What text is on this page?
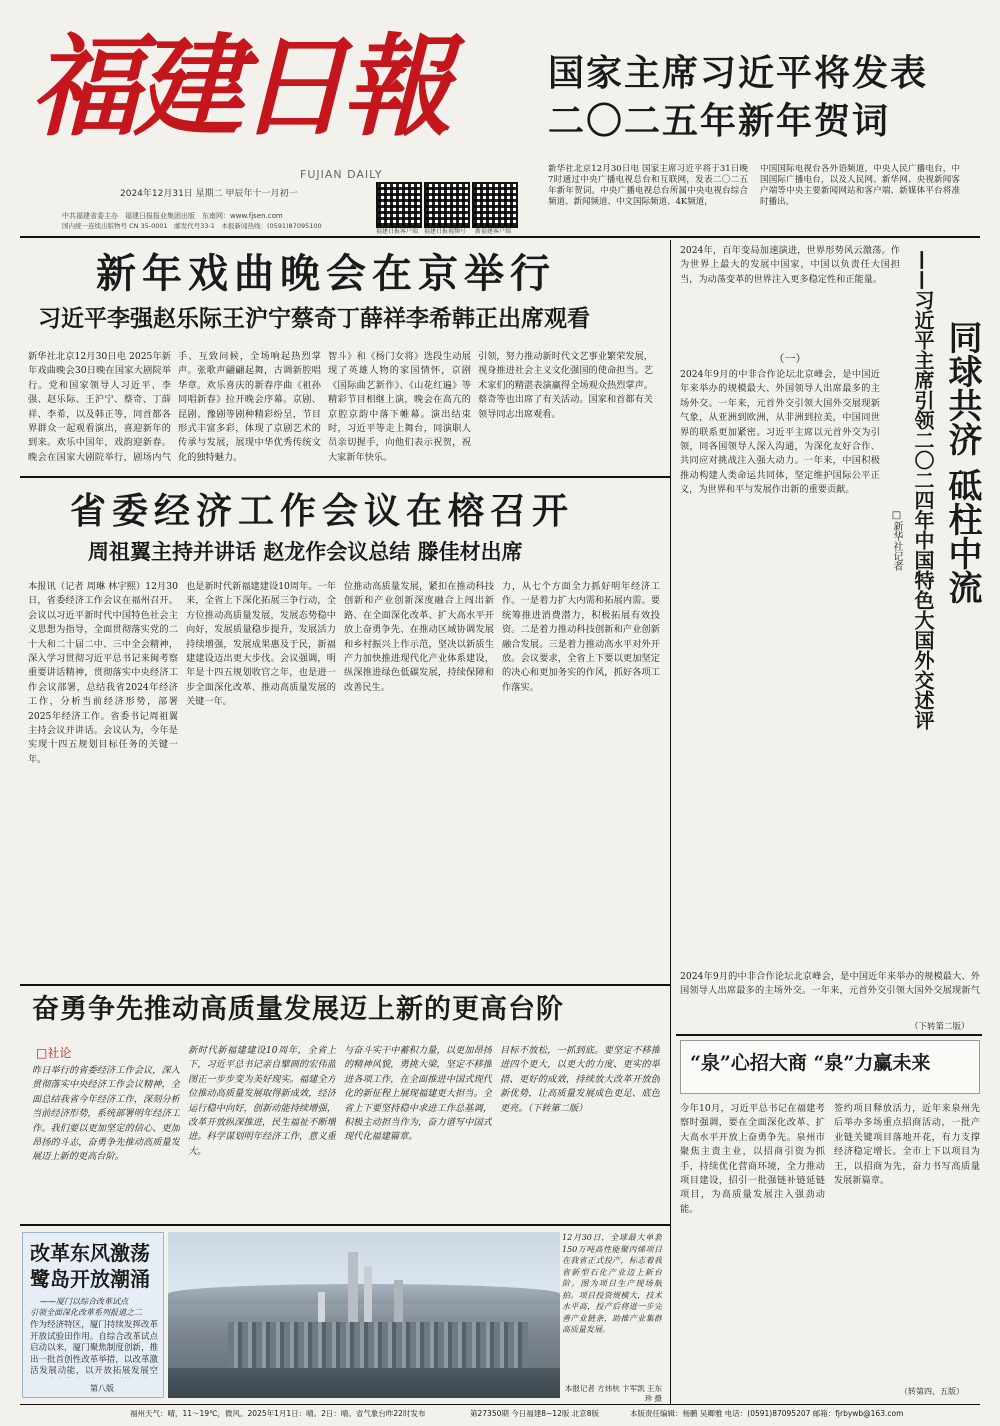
福建日報
FUJIAN DAILY
2024年12月31日 星期二 甲辰年十一月初一
中共福建省委主办　福建日报报业集团出版　东南网：www.fjsen.com
国内统一连续出版物号 CN 35-0001　邮发代号33-1　本报新闻热线：(0591)87095100
福建日报客户端 福建日报视频号	新福建客户端
国家主席习近平将发表
二〇二五年新年贺词
新华社北京12月30日电 国家主席习近平将于31日晚7时通过中央广播电视总台和互联网，发表二〇二五年新年贺词。中央广播电视总台所属中央电视台综合频道、新闻频道、中文国际频道、4K频道，
中国国际电视台各外语频道，中央人民广播电台，中国国际广播电台，以及人民网、新华网、央视新闻客户端等中央主要新闻网站和客户端、新媒体平台将准时播出。
新年戏曲晚会在京举行
习近平李强赵乐际王沪宁蔡奇丁薛祥李希韩正出席观看
新华社北京12月30日电 2025年新年戏曲晚会30日晚在国家大剧院举行。党和国家领导人习近平、李强、赵乐际、王沪宁、蔡奇、丁薛祥、李希，以及韩正等，同首都各界群众一起观看演出，喜迎新年的到来。欢乐中国年，戏韵迎新春。晚会在国家大剧院举行，剧场内气
手、互致问候，全场响起热烈掌声。张歌声翩翩起舞，古调新腔唱华章。欢乐喜庆的新春序曲《祖孙同唱新春》拉开晚会序幕。京剧、昆剧、豫剧等剧种精彩纷呈，节目形式丰富多彩，体现了京剧艺术的传承与发展，展现中华优秀传统文化的独特魅力。
智斗》和《杨门女将》选段生动展现了英雄人物的家国情怀，京剧《国际曲艺新作》、《山花红遍》等精彩节目相继上演，晚会在高亢的京腔京韵中落下帷幕。演出结束时，习近平等走上舞台，同演职人员亲切握手，向他们表示祝贺，祝大家新年快乐。
引领，努力推动新时代文艺事业繁荣发展，视身推进社会主义文化强国的使命担当。艺术家们的精湛表演赢得全场观众热烈掌声。蔡奇等也出席了有关活动。国家和首都有关领导同志出席观看。
省委经济工作会议在榕召开
周祖翼主持并讲话 赵龙作会议总结 滕佳材出席
本报讯（记者 周琳 林宇熙）12月30日，省委经济工作会议在福州召开。会议以习近平新时代中国特色社会主义思想为指导，全面贯彻落实党的二十大和二十届二中、三中全会精神，深入学习贯彻习近平总书记来闽考察重要讲话精神，贯彻落实中央经济工作会议部署，总结我省2024年经济工作，分析当前经济形势，部署2025年经济工作。省委书记周祖翼主持会议并讲话。会议认为，今年是实现十四五规划目标任务的关键一年。
也是新时代新福建建设10周年。一年来，全省上下深化拓展三争行动，全方位推动高质量发展，发展态势稳中向好，发展质量稳步提升，发展活力持续增强，发展成果惠及于民，新福建建设迈出更大步伐。会议强调，明年是十四五规划收官之年，也是进一步全面深化改革、推动高质量发展的关键一年。
位推动高质量发展，紧扣在推动科技创新和产业创新深度融合上闯出新路、在全面深化改革、扩大高水平开放上奋勇争先、在推动区域协调发展和乡村振兴上作示范，坚决以新质生产力加快推进现代化产业体系建设，纵深推进绿色低碳发展，持续保障和改善民生。
力，从七个方面全力抓好明年经济工作。一是着力扩大内需和拓展内需。要统筹推进消费潜力，积极拓展有效投资。二是着力推动科技创新和产业创新融合发展。三是着力推动高水平对外开放。会议要求，全省上下要以更加坚定的决心和更加务实的作风，抓好各项工作落实。
奋勇争先推动高质量发展迈上新的更高台阶
□社论
昨日举行的省委经济工作会议，深入贯彻落实中央经济工作会议精神，全面总结我省今年经济工作，深刻分析当前经济形势，系统部署明年经济工作。我们要以更加坚定的信心、更加昂扬的斗志，奋勇争先推动高质量发展迈上新的更高台阶。
新时代新福建建设10周年，全省上下，习近平总书记亲自擘画的宏伟蓝图正一步步变为美好现实。福建全方位推动高质量发展取得新成效，经济运行稳中向好，创新动能持续增强，改革开放纵深推进，民生福祉不断增进。科学谋划明年经济工作，意义重大。
与奋斗实干中蓄积力量，以更加昂扬的精神风貌，勇挑大梁，坚定不移推进各项工作，在全面推进中国式现代化的新征程上展现福建更大担当。全省上下要坚持稳中求进工作总基调，积极主动担当作为，奋力谱写中国式现代化福建篇章。
目标不放松，一抓到底。要坚定不移推进四个更大，以更大的力度、更实的举措、更好的成效，持续放大改革开放创新优势，让高质量发展成色更足、底色更亮。（下转第二版）
改革东风激荡
鹭岛开放潮涌
——厦门以综合改革试点
引领全面深化改革系列报道之二
作为经济特区，厦门持续发挥改革开放试验田作用。自综合改革试点启动以来，厦门聚焦制度创新，推出一批首创性改革举措，以改革激活发展动能，以开放拓展发展空
第八版
12月30日，全球最大单套150万吨高性能聚丙烯项目在我省正式投产，标志着我省新型石化产业迈上新台阶。图为项目生产现场航拍。项目投资规模大，技术水平高，投产后将进一步完善产业链条，助推产业集群高质量发展。
本报记者 方炜杭 卞军凯 王东珍 摄
2024年，百年变局加速演进，世界形势风云激荡。作为世界上最大的发展中国家，中国以负责任大国担当，为动荡变革的世界注入更多稳定性和正能量。
同球共济 砥柱中流
——习近平主席引领二〇二四年中国特色大国外交述评
□新华社记者
（一）
2024年9月的中非合作论坛北京峰会，是中国近年来举办的规模最大、外国领导人出席最多的主场外交。一年来，元首外交引领大国外交展现新气象，从亚洲到欧洲，从非洲到拉美，中国同世界的联系更加紧密。习近平主席以元首外交为引领，同各国领导人深入沟通，为深化友好合作、共同应对挑战注入强大动力。一年来，中国积极推动构建人类命运共同体，坚定维护国际公平正义，为世界和平与发展作出新的重要贡献。
2024年9月的中非合作论坛北京峰会，是中国近年来举办的规模最大、外国领导人出席最多的主场外交。一年来，元首外交引领大国外交展现新气
（下转第二版）
“泉”心招大商 “泉”力赢未来
今年10月，习近平总书记在福建考察时强调，要在全面深化改革、扩大高水平开放上奋勇争先。泉州市聚焦主责主业，以招商引资为抓手，持续优化营商环境，全力推动项目建设，招引一批强链补链延链项目，为高质量发展注入强劲动能。
签约项目释放活力，近年来泉州先后举办多场重点招商活动，一批产业链关键项目落地开花，有力支撑经济稳定增长。全市上下以项目为王，以招商为先，奋力书写高质量发展新篇章。
（转第四、五版）
福州天气：晴，11～19℃，微风。2025年1月1日：晴。2日：晴。省气象台昨22时发布	第27350期 今日福建8~12版 北京8版	本版责任编辑：杨鹏 吴卿雅 电话：(0591)87095207 邮箱：fjrbywb@163.com
